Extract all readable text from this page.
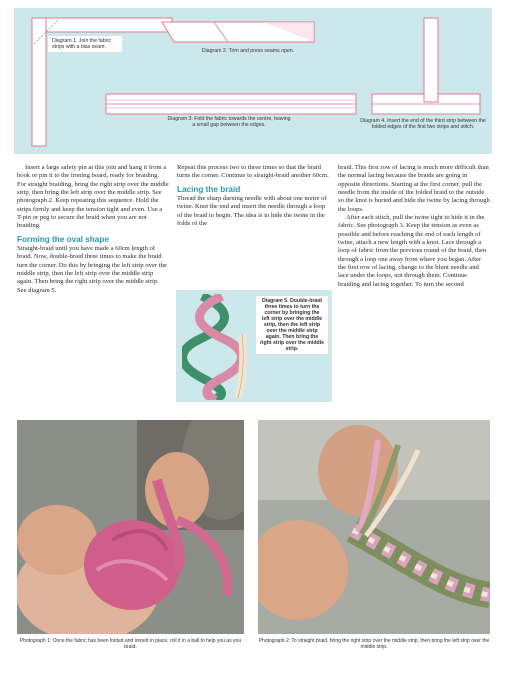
Diagram 1. Join the fabric strips with a bias seam.
Diagram 2. Trim and press seams open.
Diagram 3. Fold the fabric towards the centre, leaving
a small gap between the edges.
Diagram 4. Insert the end of the third strip between the folded edges of the first two strips and stitch.

Insert a large safety pin at this join and hang it from a hook or pin it to the ironing board, ready for braiding. For straight braiding, bring the right strip over the middle strip, then bring the left strip over the middle strip. See photograph 2. Keep repeating this sequence. Hold the strips firmly and keep the tension tight and even. Use a T-pin or peg to secure the braid when you are not braiding.

Forming the oval shape

Straight-braid until you have made a 60cm length of braid. Now, double-braid three times to make the braid turn the corner. Do this by bringing the left strip over the middle strip, then the left strip over the middle strip again. Then bring the right strip over the middle strip. See diagram 5.

Repeat this process two to three times so that the braid turns the corner. Continue to straight-braid another 60cm.

Lacing the braid

Thread the sharp darning needle with about one metre of twine. Knot the end and insert the needle through a loop of the braid to begin. The idea is to hide the twine in the folds of the

Diagram 5. Double-braid three times to turn the corner by bringing the left strip over the middle strip, then the left strip over the middle strip again. Then bring the right strip over the middle strip.

braid. This first row of lacing is much more difficult than the normal lacing because the braids are going in opposite directions. Starting at the first corner, pull the needle from the inside of the folded braid to the outside so the knot is buried and hide the twine by lacing through the loops.

After each stitch, pull the twine tight to hide it in the fabric. See photograph 3. Keep the tension as even as possible and before reaching the end of each length of twine, attach a new length with a knot. Lace through a loop of fabric from the previous round of the braid, then through a loop one away from where you began. After the first row of lacing, change to the blunt needle and lace under the loops, not through them. Continue braiding and lacing together. To turn the second

Photograph 1: Once the fabric has been folded and ironed in place, roll it in a ball to help you as you braid.
Photograph 2: To straight braid, bring the right strip over the middle strip, then bring the left strip over the middle strip.
